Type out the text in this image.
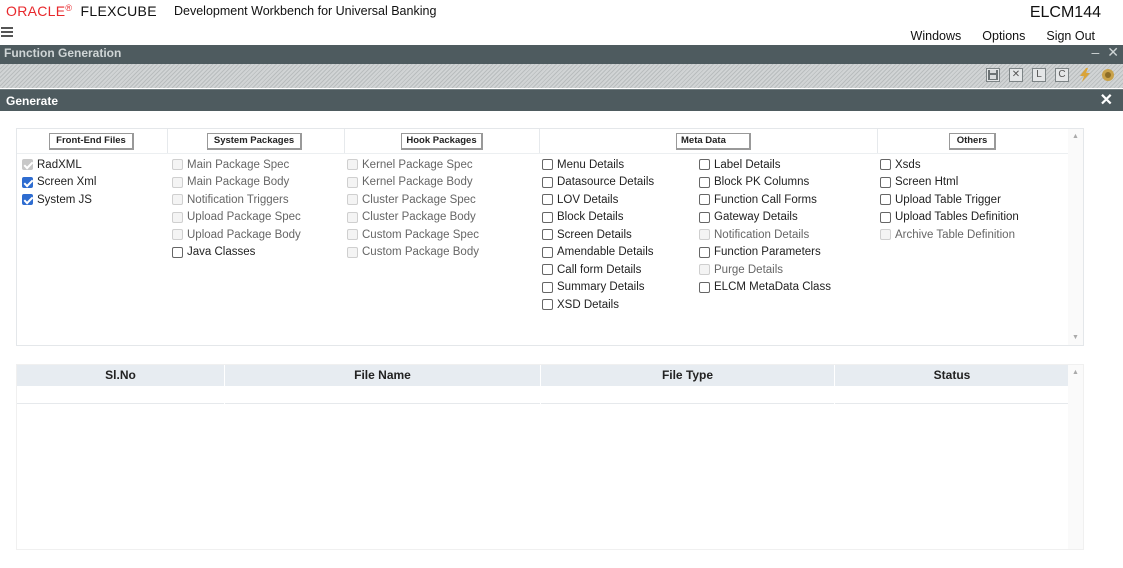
ORACLE® FLEXCUBE Development Workbench for Universal Banking	ELCM144
Windows Options Sign Out
Function Generation	– ✕
✕	L	C
Generate	✕
Front-End Files	System Packages	Hook Packages	Meta Data	Others
RadXML
Screen Xml
System JS
Main Package Spec
Main Package Body
Notification Triggers
Upload Package Spec
Upload Package Body
Java Classes
Kernel Package Spec
Kernel Package Body
Cluster Package Spec
Cluster Package Body
Custom Package Spec
Custom Package Body
Menu Details
Datasource Details
LOV Details
Block Details
Screen Details
Amendable Details
Call form Details
Summary Details
XSD Details
Label Details
Block PK Columns
Function Call Forms
Gateway Details
Notification Details
Function Parameters
Purge Details
ELCM MetaData Class
Xsds
Screen Html
Upload Table Trigger
Upload Tables Definition
Archive Table Definition
▲
▼
Sl.No	File Name	File Type	Status	▲
